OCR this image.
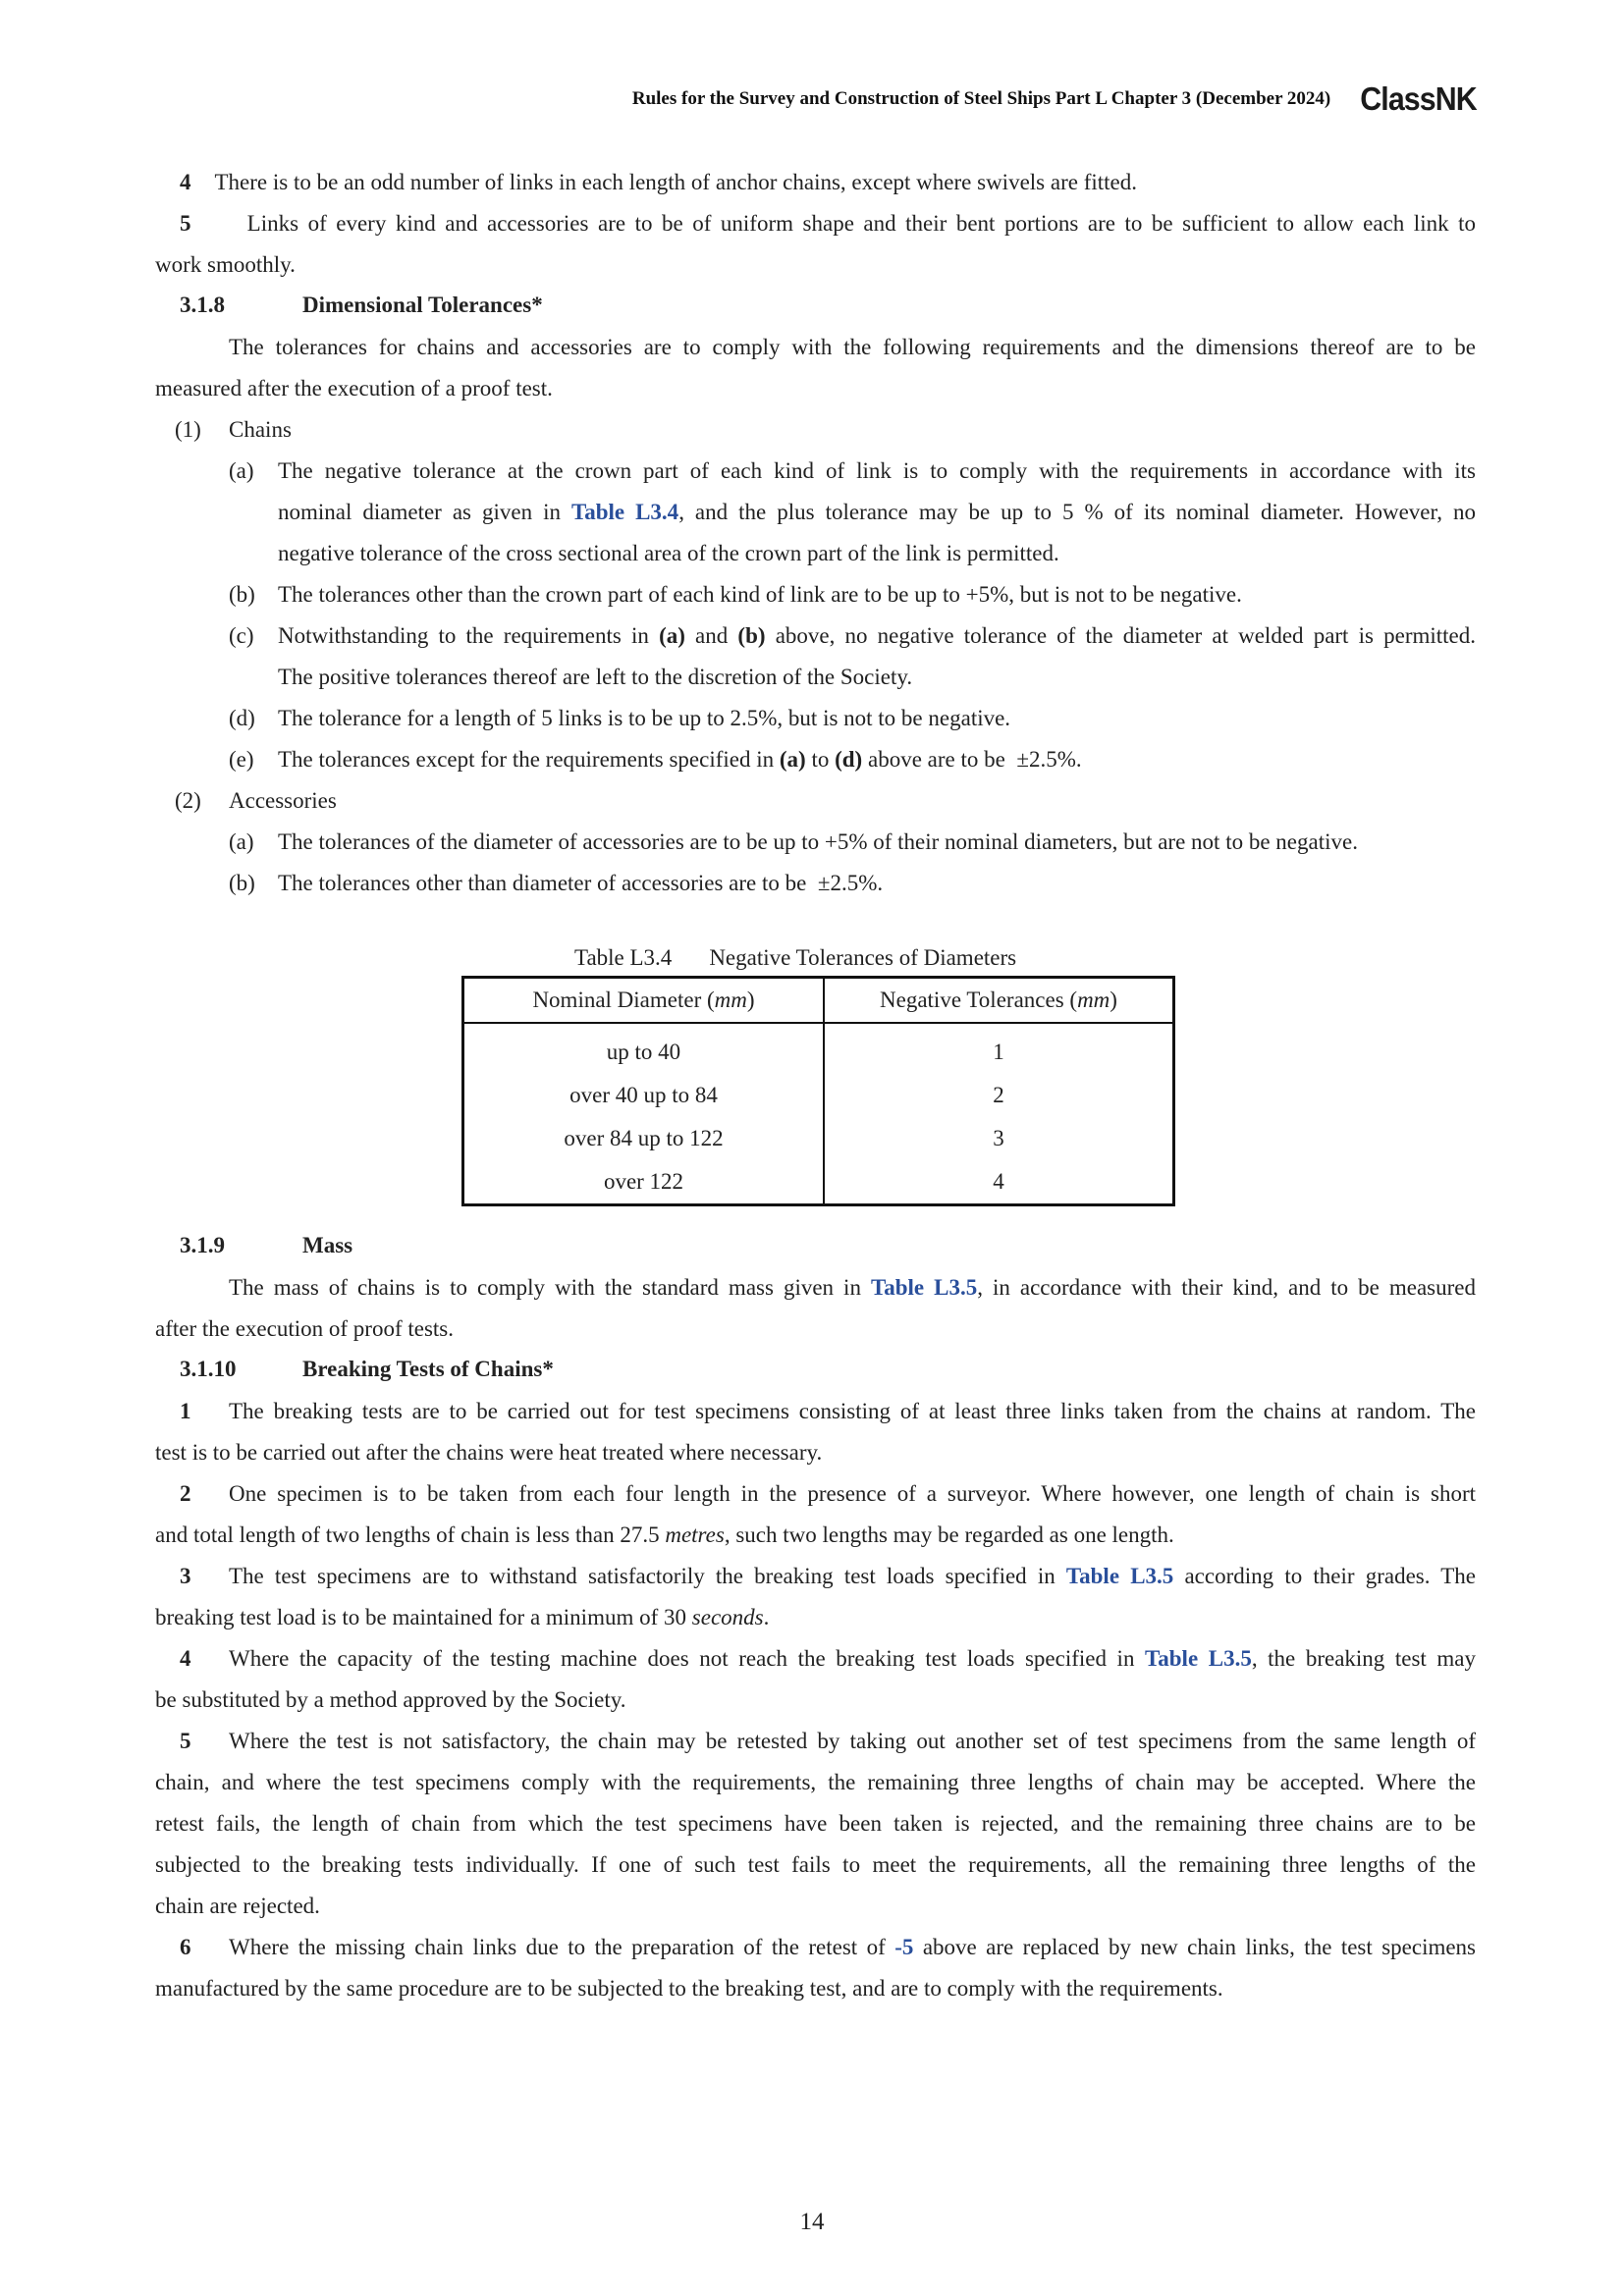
Rules for the Survey and Construction of Steel Ships Part L Chapter 3 (December 2024) ClassNK
4 There is to be an odd number of links in each length of anchor chains, except where swivels are fitted.
5 Links of every kind and accessories are to be of uniform shape and their bent portions are to be sufficient to allow each link to
work smoothly.
3.1.8	Dimensional Tolerances*
The tolerances for chains and accessories are to comply with the following requirements and the dimensions thereof are to be
measured after the execution of a proof test.
(1) Chains
(a) The negative tolerance at the crown part of each kind of link is to comply with the requirements in accordance with its
nominal diameter as given in Table L3.4, and the plus tolerance may be up to 5 % of its nominal diameter. However, no
negative tolerance of the cross sectional area of the crown part of the link is permitted.
(b) The tolerances other than the crown part of each kind of link are to be up to +5%, but is not to be negative.
(c) Notwithstanding to the requirements in (a) and (b) above, no negative tolerance of the diameter at welded part is permitted.
The positive tolerances thereof are left to the discretion of the Society.
(d) The tolerance for a length of 5 links is to be up to 2.5%, but is not to be negative.
(e) The tolerances except for the requirements specified in (a) to (d) above are to be  ±2.5%.
(2) Accessories
(a) The tolerances of the diameter of accessories are to be up to +5% of their nominal diameters, but are not to be negative.
(b) The tolerances other than diameter of accessories are to be  ±2.5%.
Table L3.4 Negative Tolerances of Diameters
Nominal Diameter (mm)	Negative Tolerances (mm)
up to 40	1
over 40 up to 84	2
over 84 up to 122	3
over 122	4
3.1.9	Mass
The mass of chains is to comply with the standard mass given in Table L3.5, in accordance with their kind, and to be measured
after the execution of proof tests.
3.1.10	Breaking Tests of Chains*
1 The breaking tests are to be carried out for test specimens consisting of at least three links taken from the chains at random. The
test is to be carried out after the chains were heat treated where necessary.
2 One specimen is to be taken from each four length in the presence of a surveyor. Where however, one length of chain is short
and total length of two lengths of chain is less than 27.5 metres, such two lengths may be regarded as one length.
3 The test specimens are to withstand satisfactorily the breaking test loads specified in Table L3.5 according to their grades. The
breaking test load is to be maintained for a minimum of 30 seconds.
4 Where the capacity of the testing machine does not reach the breaking test loads specified in Table L3.5, the breaking test may
be substituted by a method approved by the Society.
5 Where the test is not satisfactory, the chain may be retested by taking out another set of test specimens from the same length of
chain, and where the test specimens comply with the requirements, the remaining three lengths of chain may be accepted. Where the
retest fails, the length of chain from which the test specimens have been taken is rejected, and the remaining three chains are to be
subjected to the breaking tests individually. If one of such test fails to meet the requirements, all the remaining three lengths of the
chain are rejected.
6 Where the missing chain links due to the preparation of the retest of -5 above are replaced by new chain links, the test specimens
manufactured by the same procedure are to be subjected to the breaking test, and are to comply with the requirements.
14
